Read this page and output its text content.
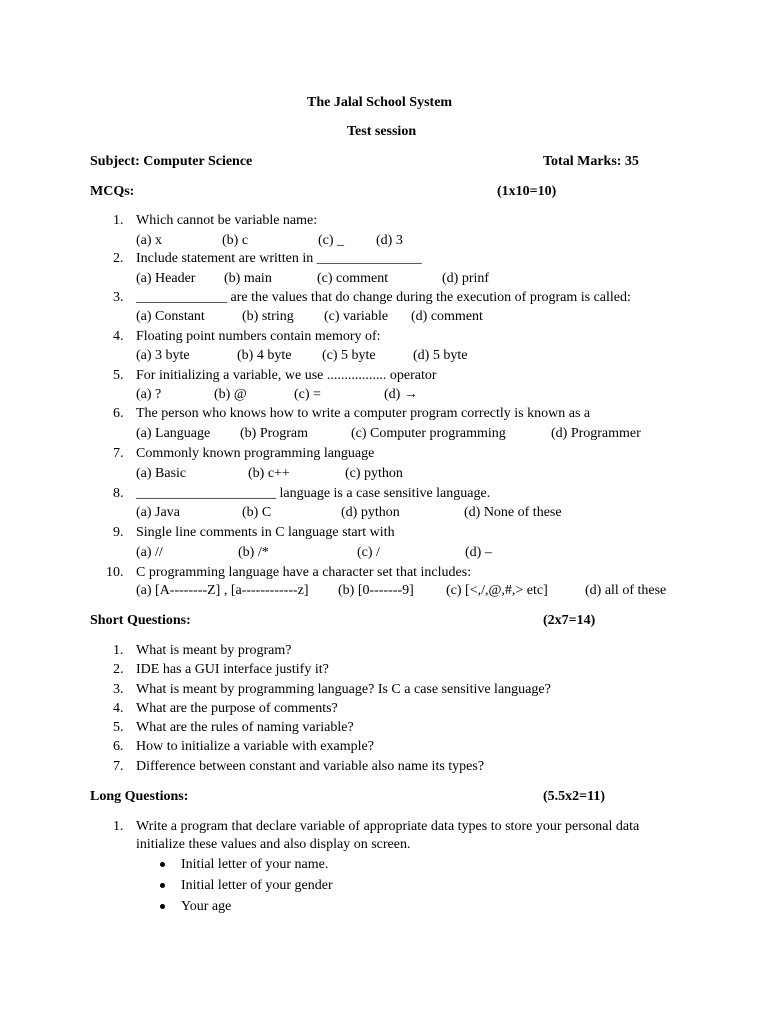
The Jalal School System
Test session
Subject: Computer Science	Total Marks: 35
MCQs:	(1x10=10)
1. Which cannot be variable name:
(a) x	(b) c	(c) _ (d) 3
2. Include statement are written in _______________
(a) Header (b) main	(c) comment	(d) prinf
3. _____________ are the values that do change during the execution of program is called:
(a) Constant	(b) string (c) variable (d) comment
4. Floating point numbers contain memory of:
(a) 3 byte	(b) 4 byte (c) 5 byte	(d) 5 byte
5. For initializing a variable, we use ................. operator
(a) ?	(b) @	(c) =	(d) →
6. The person who knows how to write a computer program correctly is known as a
(a) Language (b) Program	(c) Computer programming	(d) Programmer
7. Commonly known programming language
(a) Basic	(b) c++	(c) python
8. ____________________ language is a case sensitive language.
(a) Java	(b) C	(d) python	(d) None of these
9. Single line comments in C language start with
(a) //	(b) /*	(c) /	(d) –
10. C programming language have a character set that includes:
(a) [A--------Z] , [a------------z] (b) [0-------9] (c) [<,/,@,#,> etc]	(d) all of these
Short Questions:	(2x7=14)
1. What is meant by program?
2. IDE has a GUI interface justify it?
3. What is meant by programming language? Is C a case sensitive language?
4. What are the purpose of comments?
5. What are the rules of naming variable?
6. How to initialize a variable with example?
7. Difference between constant and variable also name its types?
Long Questions:	(5.5x2=11)
1. Write a program that declare variable of appropriate data types to store your personal data
initialize these values and also display on screen.
Initial letter of your name.
Initial letter of your gender
Your age
